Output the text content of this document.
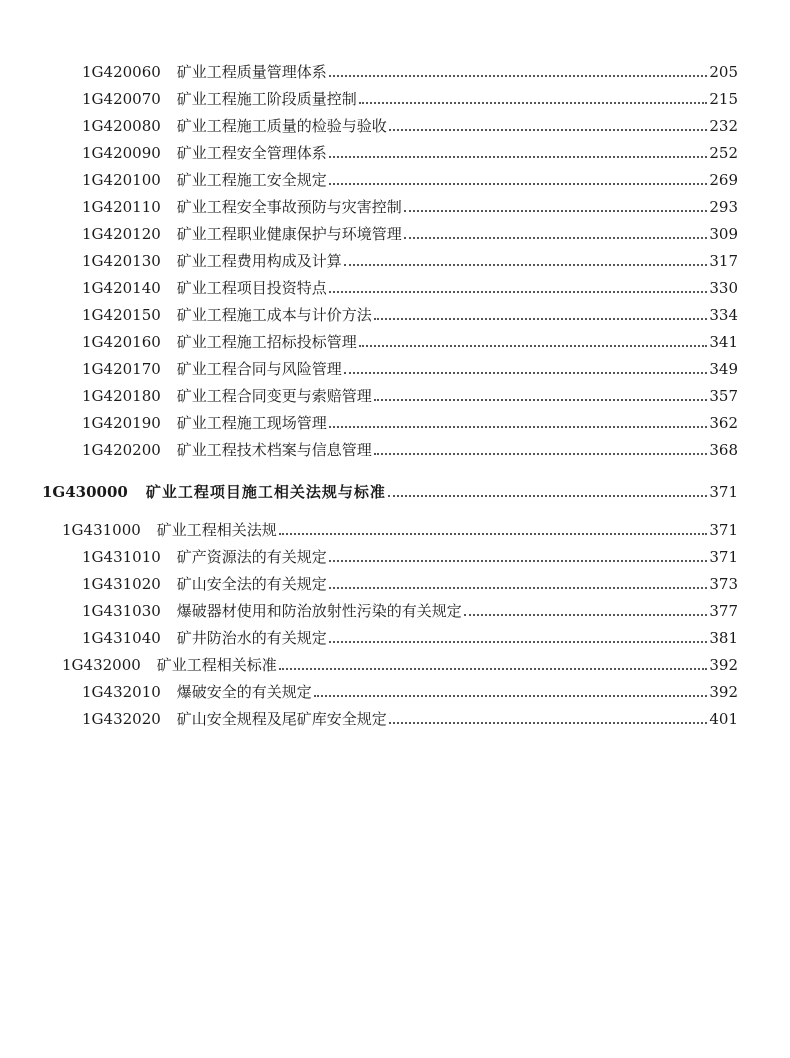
1G420060 矿业工程质量管理体系	205
1G420070 矿业工程施工阶段质量控制	215
1G420080 矿业工程施工质量的检验与验收	232
1G420090 矿业工程安全管理体系	252
1G420100 矿业工程施工安全规定	269
1G420110 矿业工程安全事故预防与灾害控制	293
1G420120 矿业工程职业健康保护与环境管理	309
1G420130 矿业工程费用构成及计算	317
1G420140 矿业工程项目投资特点	330
1G420150 矿业工程施工成本与计价方法	334
1G420160 矿业工程施工招标投标管理	341
1G420170 矿业工程合同与风险管理	349
1G420180 矿业工程合同变更与索赔管理	357
1G420190 矿业工程施工现场管理	362
1G420200 矿业工程技术档案与信息管理	368
1G430000 矿业工程项目施工相关法规与标准	371
1G431000 矿业工程相关法规	371
1G431010 矿产资源法的有关规定	371
1G431020 矿山安全法的有关规定	373
1G431030 爆破器材使用和防治放射性污染的有关规定	377
1G431040 矿井防治水的有关规定	381
1G432000 矿业工程相关标准	392
1G432010 爆破安全的有关规定	392
1G432020 矿山安全规程及尾矿库安全规定	401
